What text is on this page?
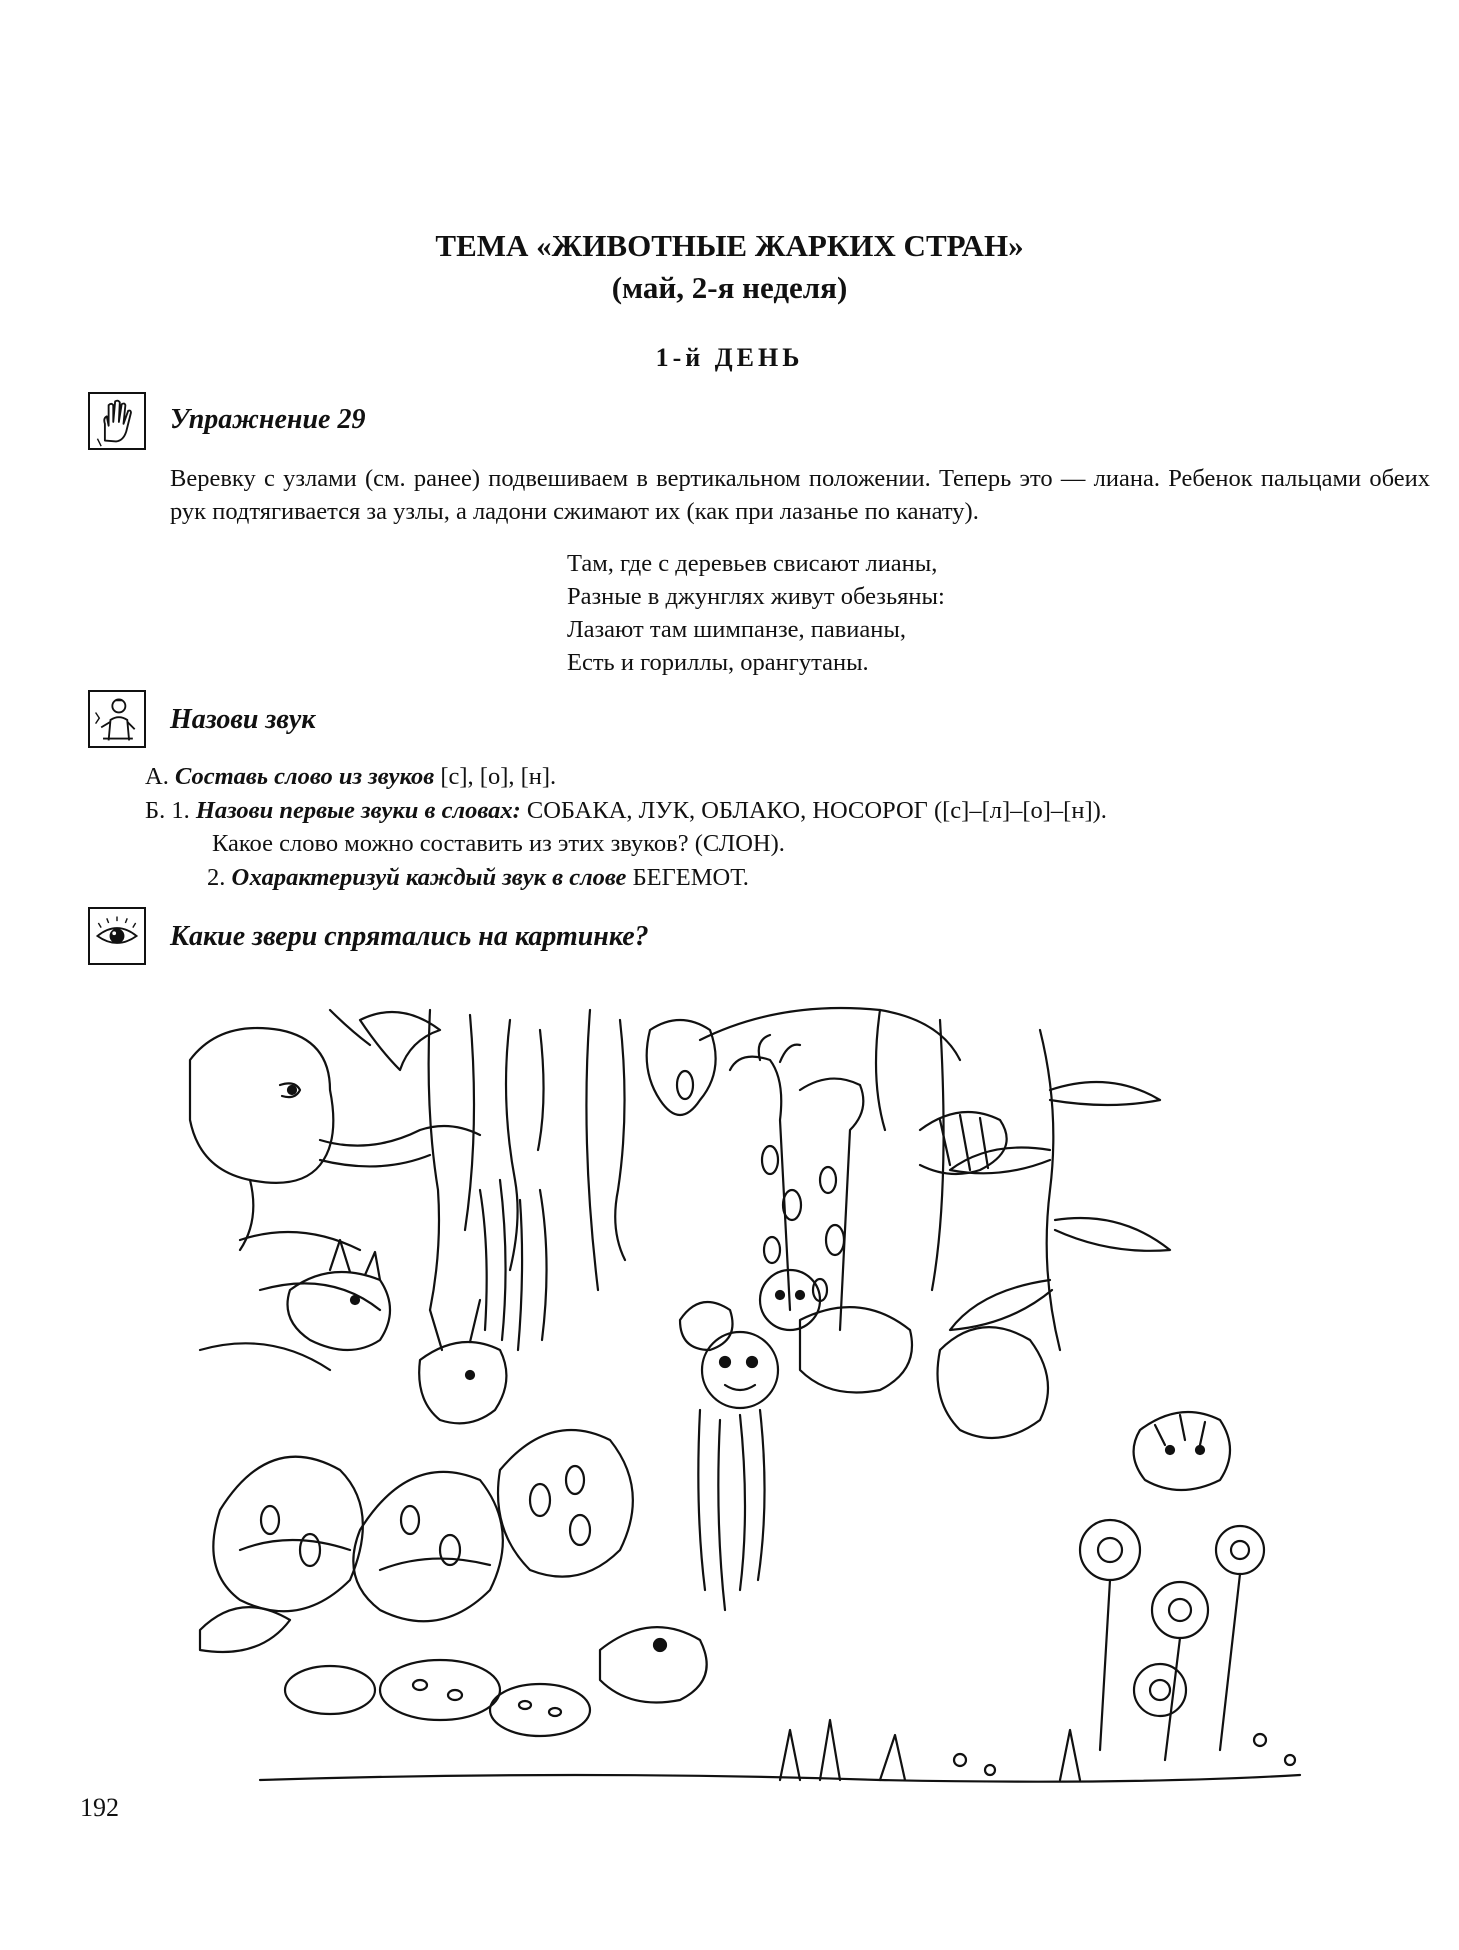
ТЕМА «ЖИВОТНЫЕ ЖАРКИХ СТРАН»
(май, 2-я неделя)
1-й ДЕНЬ
Упражнение 29
Веревку с узлами (см. ранее) подвешиваем в вертикальном положении. Теперь это — лиана. Ребенок пальцами обеих рук подтягивается за узлы, а ладони сжимают их (как при лазанье по канату).
Там, где с деревьев свисают лианы,
Разные в джунглях живут обезьяны:
Лазают там шимпанзе, павианы,
Есть и гориллы, орангутаны.
Назови звук
А. Составь слово из звуков [с], [о], [н].
Б. 1. Назови первые звуки в словах: СОБАКА, ЛУК, ОБЛАКО, НОСОРОГ ([с]–[л]–[о]–[н]).
Какое слово можно составить из этих звуков? (СЛОН).
2. Охарактеризуй каждый звук в слове БЕГЕМОТ.
Какие звери спрятались на картинке?
192
